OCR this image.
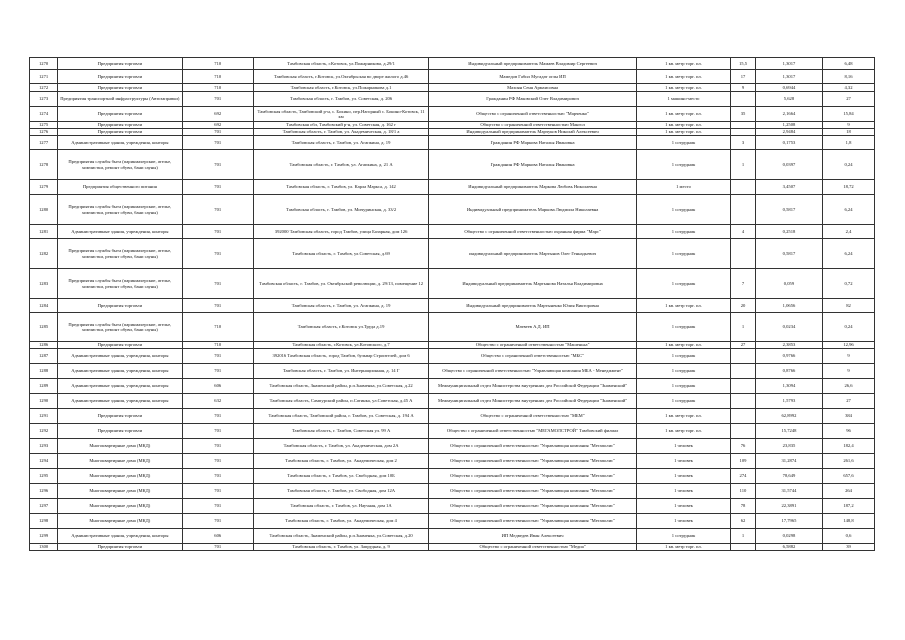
1270	Предприятия торговли	710	Тамбовская область, г.Котовск, ул.Пожарникова, д.29/1	Индивидуальный предприниматель Мамаев Владимир Сергеевич	1 кв. метр торг. пл.	15,5	1,3017	6,48
1271	Предприятия торговли	710	Тамбовская область, г.Котовск, ул.Октябрьская во дворе жилого д.46	Мамедов Габил Мугадат оглы ИП	1 кв. метр торг. пл.	17	1,3017	8,16
1272	Предприятия торговли	710	Тамбовская область, г.Котовск, ул.Пожарникова д.1	Махоян Сеня Армаисовна	1 кв. метр торг. пл.	9	0,6944	4,32
1273	Предприятия транспортной инфраструктуры (Автозаправки)	701	Тамбовская область, г. Тамбов, ул. Советская, д. 206	Гражданин РФ Маковский Олег Владимирович	1 машино-место		5,628	27
1274	Предприятия торговли	692	Тамбовская область, Тамбовский р-н, с. Бокино, пер.Нагорный с. Бокино-Котовск, 11 км	Общество с ограниченной ответственностью "Марченко"	1 кв. метр торг. пл.	35	2,1664	15,84
1275	Предприятия торговли	692	Тамбовская обл, Тамбовский р-н, ул. Советская, д. 162 г	Общество с ограниченной ответственностью Мангол	1 кв. метр торг. пл.		1,2508	9
1276	Предприятия торговли	701	Тамбовская область, г. Тамбов, ул. Академическая, д. 18/1 а	Индивидуальный предприниматель Марчуков Николай Алексеевич	1 кв. метр торг. пл.		2,9484	18
1277	Административные здания, учреждения, конторы	701	Тамбовская область, г. Тамбов, ул. Агапкина, д. 19	Гражданин РФ Маркова Наталья Ивановна	1 сотрудник	3	0,1753	1,8
1278	Предприятия службы быта (парикмахерские, ателье, химчистки, ремонт обуви, бани сауны)	701	Тамбовская область, г. Тамбов, ул. Агапкина, д. 21 А	Гражданин РФ Маркова Наталья Ивановна	1 сотрудник	1	0,0397	0,24
1279	Предприятия общественного питания	701	Тамбовская область, г. Тамбов, ул. Карла Маркса, д. 142	Индивидуальный предприниматель Маркова Любовь Николаевна	1 место		3,4507	18,72
1280	Предприятия службы быта (парикмахерские, ателье, химчистки, ремонт обуви, бани сауны)	701	Тамбовская область, г. Тамбов, ул. Мичуринская, д. 33/2	Индивидуальный предприниматель Маркова Людмила Николаевна	1 сотрудник		0,5817	6,24
1281	Административные здания, учреждения, конторы	701	392000 Тамбовская область, город Тамбов, улица Базарная, дом 126	Общество с ограниченной ответственностью охранная фирма "Марс"	1 сотрудник	4	0,2518	2,4
1282	Предприятия службы быта (парикмахерские, ателье, химчистки, ремонт обуви, бани сауны)	701	Тамбовская область, г. Тамбов, ул.Советская, д.69	индивидуальный предприниматель Мартынов Олег Геннадьевич	1 сотрудник		0,5817	6,24
1283	Предприятия службы быта (парикмахерские, ателье, химчистки, ремонт обуви, бани сауны)	701	Тамбовская область, г. Тамбов, ул. Октябрьской революции, д. 29/13, помещение 12	Индивидуальный предприниматель Мартынова Наталья Владимировна	1 сотрудник	7	0,059	0,72
1284	Предприятия торговли	701	Тамбовская область, г. Тамбов, ул. Агапкина, д. 19	Индивидуальный предприниматель Мартыненко Юлия Викторовна	1 кв. метр торг. пл.	20	1,0656	82
1285	Предприятия службы быта (парикмахерские, ателье, химчистки, ремонт обуви, бани сауны)	710	Тамбовская область, г.Котовск ул.Труда д.19	Матвеев А.Д. ИП	1 сотрудник	1	0,0234	0,24
1286	Предприятия торговли	710	Тамбовская область, г.Котовск, ул.Котовского, д.7	Общество с ограниченной ответственностью "Машенька"	1 кв. метр торг. пл.	27	2,3853	12,96
1287	Административные здания, учреждения, конторы	701	392016 Тамбовская область, город Тамбов, бульвар Строителей, дом 6	Общество с ограниченной ответственностью "МБС"	1 сотрудник		0,9766	9
1288	Административные здания, учреждения, конторы	701	Тамбовская область, г. Тамбов, ул. Интернационная, д. 14 Г	Общество с ограниченной ответственностью "Управляющая компания МБА - Менеджмент"	1 сотрудник		0,8766	9
1289	Административные здания, учреждения, конторы	606	Тамбовская область, Знаменский район, р.п.Знаменка, ул.Советская, д.22	Межмуниципальный отдел Министерства внутренних дел Российской Федерации "Знаменский"	1 сотрудник		1,3094	26,6
1290	Административные здания, учреждения, конторы	632	Тамбовская область, Сампурский район, п.Сатинка, ул.Советская, д.45 А	Межмуниципальный отдел Министерства внутренних дел Российской Федерации "Знаменский"	1 сотрудник		1,5793	27
1291	Предприятия торговли	701	Тамбовская область, Тамбовский район, г. Тамбов, ул. Советская, д. 194 А	Общество с ограниченной ответственностью "МБМ"	1 кв. метр торг. пл.		62,8992	384
1292	Предприятия торговли	701	Тамбовская область, г. Тамбов, Советская ул. 99 А	Общество с ограниченной ответственностью "МЕГАМОЛСТРОЙ" Тамбовский филиал	1 кв. метр торг. пл.		15,7248	96
1293	Многоквартирные дома (МКД)	701	Тамбовская область, г. Тамбов, ул. Академическая, дом 2А	Общество с ограниченной ответственностью "Управляющая компания "Мегаполис"	1 человек	76	23,835	182,4
1294	Многоквартирные дома (МКД)	701	Тамбовская область, г. Тамбов, ул. Академическая, дом 2	Общество с ограниченной ответственностью "Управляющая компания "Мегаполис"	1 человек	109	31,2874	261,6
1295	Многоквартирные дома (МКД)	701	Тамбовская область, г. Тамбов, ул. Свободная, дом 10Б	Общество с ограниченной ответственностью "Управляющая компания "Мегаполис"	1 человек	274	78,649	657,6
1296	Многоквартирные дома (МКД)	701	Тамбовская область, г. Тамбов, ул. Свободная, дом 12А	Общество с ограниченной ответственностью "Управляющая компания "Мегаполис"	1 человек	110	31,5744	264
1297	Многоквартирные дома (МКД)	701	Тамбовская область, г. Тамбов, ул. Научная, дом 1А	Общество с ограниченной ответственностью "Управляющая компания "Мегаполис"	1 человек	78	22,3891	187,2
1298	Многоквартирные дома (МКД)	701	Тамбовская область, г. Тамбов, ул. Академическая, дом 4	Общество с ограниченной ответственностью "Управляющая компания "Мегаполис"	1 человек	62	17,7965	148,8
1299	Административные здания, учреждения, конторы	606	Тамбовская область, Знаменский район, р.п.Знаменка, ул.Советская, д.20	ИП Медведев Иван Алексеевич	1 сотрудник	1	0,0298	0,6
1300	Предприятия торговли	701	Тамбовская область, г. Тамбов, ул. Запрудная, д. 9	Общество с ограниченной ответственностью "Медиа"	1 кв. метр торг. пл.		6,5882	39
